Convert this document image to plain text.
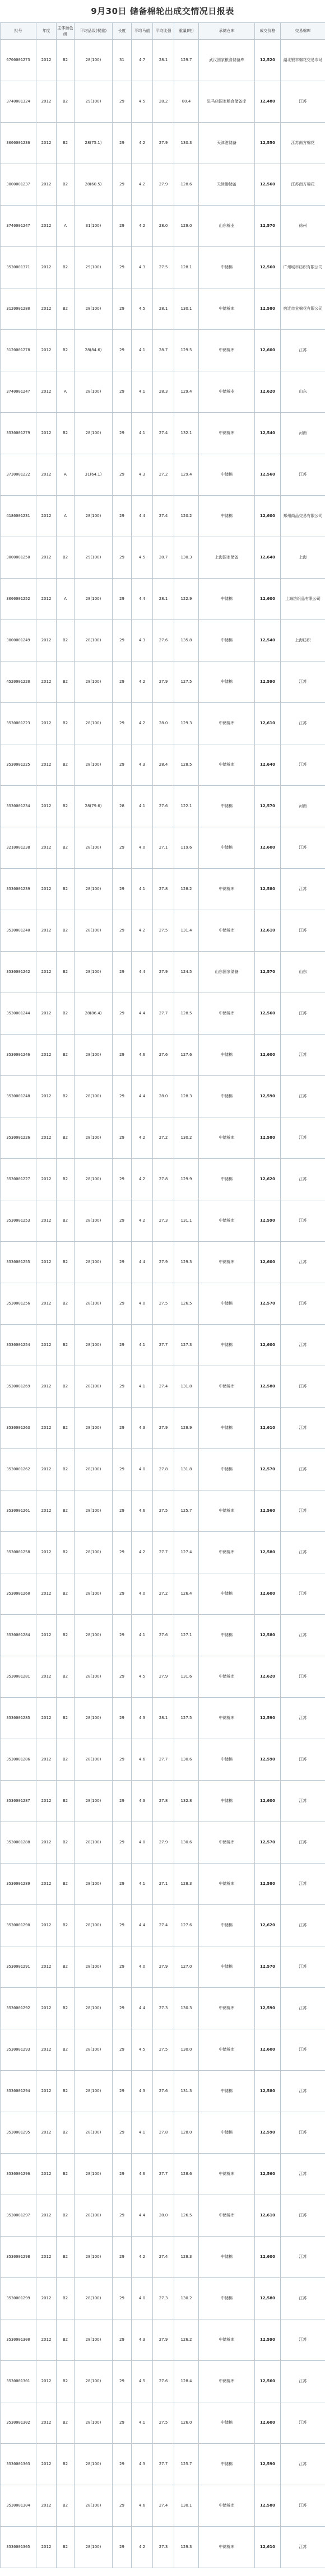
9月30日 储备棉轮出成交情况日报表
批号	年度	主体颜色级	平均品级(权重)	长度	平均马值	平均比强	重量(吨)	承储仓库	成交价格	交易棉库
6700001273	2012	B2	28(100)	31	4.7	28.1	129.7	武汉国家粮食储备库	12,520	湖北银丰棉花交易市场
3740001324	2012	B2	29(100)	29	4.5	28.2	80.4	驻马店国家粮食储备库	12,480	江苏
3000001236	2012	B2	28(75.1)	29	4.2	27.9	130.3	天津港储备	12,550	江苏南方棉花
3000001237	2012	B2	28(60.5)	29	4.2	27.9	128.6	天津港储备	12,560	江苏南方棉花
3740001247	2012	A	31(100)	29	4.2	28.0	129.0	山东棉业	12,570	徐州
3530001371	2012	B2	29(100)	29	4.3	27.5	128.1	中储棉	12,560	广州城市纺织有限公司
3120001280	2012	B2	28(100)	29	4.5	28.1	130.1	中储棉库	12,580	宿迁市业棉花有限公司
3120001278	2012	B2	28(84.6)	29	4.1	28.7	129.5	中储棉库	12,600	江苏
3740001247	2012	A	28(100)	29	4.1	28.3	129.4	中储棉业	12,620	山东
3530001279	2012	B2	28(100)	29	4.1	27.4	132.1	中储棉库	12,540	河南
3730001222	2012	A	31(64.1)	29	4.3	27.2	129.4	中储棉	12,560	江苏
4180001231	2012	A	28(100)	29	4.4	27.4	120.2	中储棉	12,600	郑州商品交易有限公司
3000001250	2012	B2	29(100)	29	4.5	28.7	130.3	上海国家储备	12,640	上海
3000001252	2012	A	28(100)	29	4.4	28.1	122.9	中储棉	12,600	上海纺织品有限公司
3000001249	2012	B2	28(100)	29	4.3	27.6	135.8	中储棉	12,540	上海纺织
4520001220	2012	B2	28(100)	29	4.2	27.9	127.5	中储棉	12,590	江苏
3530001223	2012	B2	28(100)	29	4.2	28.0	129.3	中储棉库	12,610	江苏
3530001225	2012	B2	28(100)	29	4.3	28.4	128.5	中储棉库	12,640	江苏
3530001234	2012	B2	28(79.6)	28	4.1	27.6	122.1	中储棉	12,570	河南
3210001238	2012	B2	28(100)	29	4.0	27.1	119.6	中储棉	12,600	江苏
3530001239	2012	B2	28(100)	29	4.1	27.8	128.2	中储棉库	12,580	江苏
3530001240	2012	B2	28(100)	29	4.2	27.5	131.4	中储棉库	12,610	江苏
3530001242	2012	B2	28(100)	29	4.4	27.9	124.5	山东国家储备	12,570	山东
3530001244	2012	B2	28(86.4)	29	4.4	27.7	128.5	中储棉库	12,560	江苏
3530001246	2012	B2	28(100)	29	4.6	27.6	127.6	中储棉	12,600	江苏
3530001248	2012	B2	28(100)	29	4.4	28.0	128.3	中储棉	12,590	江苏
3530001226	2012	B2	28(100)	29	4.2	27.2	130.2	中储棉库	12,580	江苏
3530001227	2012	B2	28(100)	29	4.2	27.8	129.9	中储棉	12,620	江苏
3530001253	2012	B2	28(100)	29	4.2	27.3	131.1	中储棉库	12,590	江苏
3530001255	2012	B2	28(100)	29	4.4	27.9	129.3	中储棉库	12,600	江苏
3530001256	2012	B2	28(100)	29	4.0	27.5	126.5	中储棉	12,570	江苏
3530001254	2012	B2	28(100)	29	4.1	27.7	127.3	中储棉	12,600	江苏
3530001269	2012	B2	28(100)	29	4.1	27.4	131.8	中储棉库	12,580	江苏
3530001263	2012	B2	28(100)	29	4.3	27.9	128.9	中储棉	12,610	江苏
3530001262	2012	B2	28(100)	29	4.0	27.8	131.8	中储棉	12,570	江苏
3530001261	2012	B2	28(100)	29	4.6	27.5	125.7	中储棉库	12,560	江苏
3530001258	2012	B2	28(100)	29	4.2	27.7	127.4	中储棉库	12,580	江苏
3530001260	2012	B2	28(100)	29	4.0	27.2	126.4	中储棉	12,600	江苏
3530001284	2012	B2	28(100)	29	4.1	27.6	127.1	中储棉	12,580	江苏
3530001281	2012	B2	28(100)	29	4.5	27.9	131.6	中储棉库	12,620	江苏
3530001285	2012	B2	28(100)	29	4.3	28.1	127.5	中储棉库	12,590	江苏
3530001286	2012	B2	28(100)	29	4.6	27.7	130.6	中储棉	12,590	江苏
3530001287	2012	B2	28(100)	29	4.3	27.8	132.8	中储棉	12,600	江苏
3530001288	2012	B2	28(100)	29	4.0	27.9	130.6	中储棉库	12,570	江苏
3530001289	2012	B2	28(100)	29	4.1	27.1	128.3	中储棉库	12,580	江苏
3530001290	2012	B2	28(100)	29	4.4	27.4	127.6	中储棉	12,620	江苏
3530001291	2012	B2	28(100)	29	4.0	27.9	127.0	中储棉	12,570	江苏
3530001292	2012	B2	28(100)	29	4.4	27.3	130.3	中储棉库	12,590	江苏
3530001293	2012	B2	28(100)	29	4.5	27.5	130.0	中储棉库	12,600	江苏
3530001294	2012	B2	28(100)	29	4.3	27.6	131.3	中储棉	12,580	江苏
3530001295	2012	B2	28(100)	29	4.1	27.8	128.0	中储棉	12,590	江苏
3530001296	2012	B2	28(100)	29	4.6	27.7	128.6	中储棉库	12,560	江苏
3530001297	2012	B2	28(100)	29	4.4	28.0	126.5	中储棉库	12,610	江苏
3530001298	2012	B2	28(100)	29	4.2	27.4	128.3	中储棉	12,600	江苏
3530001299	2012	B2	28(100)	29	4.0	27.3	130.2	中储棉	12,580	江苏
3530001300	2012	B2	28(100)	29	4.3	27.9	126.2	中储棉库	12,590	江苏
3530001301	2012	B2	28(100)	29	4.5	27.6	128.4	中储棉库	12,560	江苏
3530001302	2012	B2	28(100)	29	4.1	27.5	126.0	中储棉	12,600	江苏
3530001303	2012	B2	28(100)	29	4.3	27.7	125.7	中储棉	12,590	江苏
3530001304	2012	B2	28(100)	29	4.6	27.4	130.1	中储棉库	12,580	江苏
3530001305	2012	B2	28(100)	29	4.2	27.3	129.3	中储棉库	12,610	江苏
